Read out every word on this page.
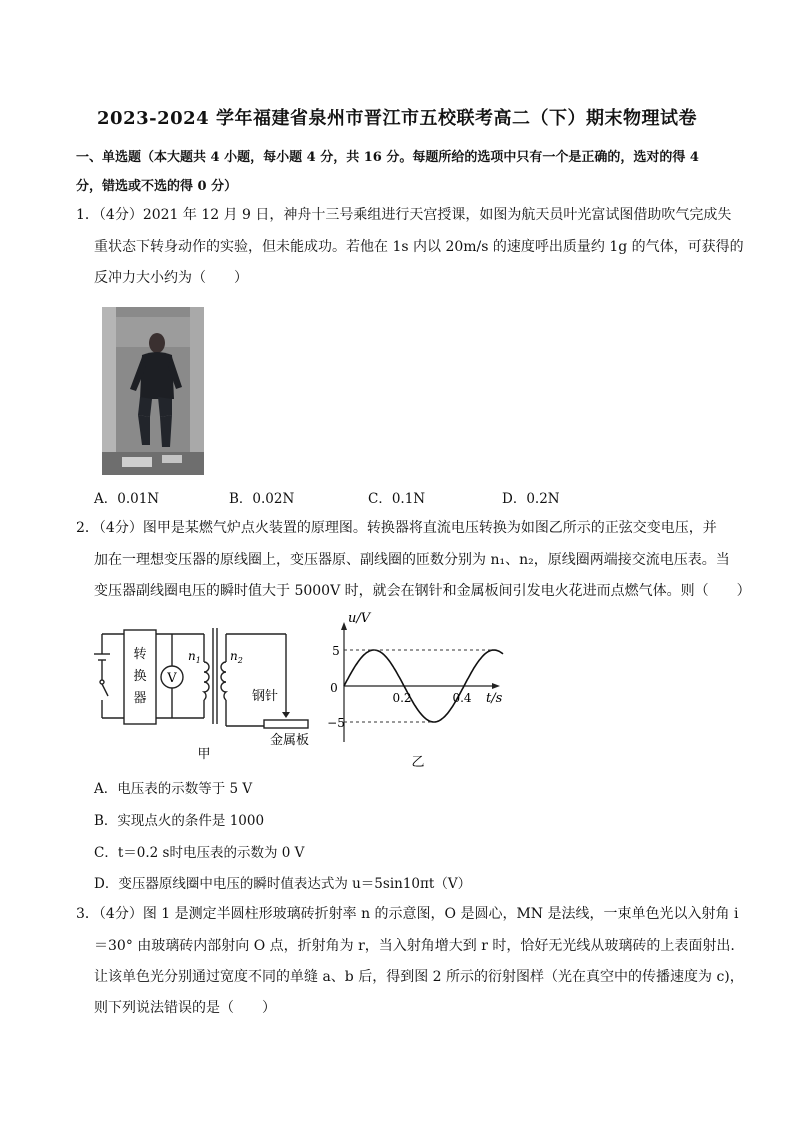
2023-2024 学年福建省泉州市晋江市五校联考高二（下）期末物理试卷
一、单选题（本大题共 4 小题，每小题 4 分，共 16 分。每题所给的选项中只有一个是正确的，选对的得 4 分，错选或不选的得 0 分）
1．（4分）2021 年 12 月 9 日，神舟十三号乘组进行天宫授课，如图为航天员叶光富试图借助吹气完成失
重状态下转身动作的实验，但未能成功。若他在 1s 内以 20m/s 的速度呼出质量约 1g 的气体，可获得的
反冲力大小约为（　　）
A．0.01N	B．0.02N	C．0.1N	D．0.2N
2．（4分）图甲是某燃气炉点火装置的原理图。转换器将直流电压转换为如图乙所示的正弦交变电压，并
加在一理想变压器的原线圈上，变压器原、副线圈的匝数分别为 n₁、n₂，原线圈两端接交流电压表。当
变压器副线圈电压的瞬时值大于 5000V 时，就会在钢针和金属板间引发电火花进而点燃气体。则（　　）
转
换
器
V
$n_1$ $n_2$
钢针
金属板
甲
5
−5
0.2	0.4
u/V
t/s
0
乙
A．电压表的示数等于 5 V
B．实现点火的条件是 1000
C．t＝0.2 s时电压表的示数为 0 V
D．变压器原线圈中电压的瞬时值表达式为 u＝5sin10πt（V）
3．（4分）图 1 是测定半圆柱形玻璃砖折射率 n 的示意图，O 是圆心，MN 是法线，一束单色光以入射角 i
＝30° 由玻璃砖内部射向 O 点，折射角为 r，当入射角增大到 r 时，恰好无光线从玻璃砖的上表面射出.
让该单色光分别通过宽度不同的单缝 a、b 后，得到图 2 所示的衍射图样（光在真空中的传播速度为 c)，
则下列说法错误的是（　　）
